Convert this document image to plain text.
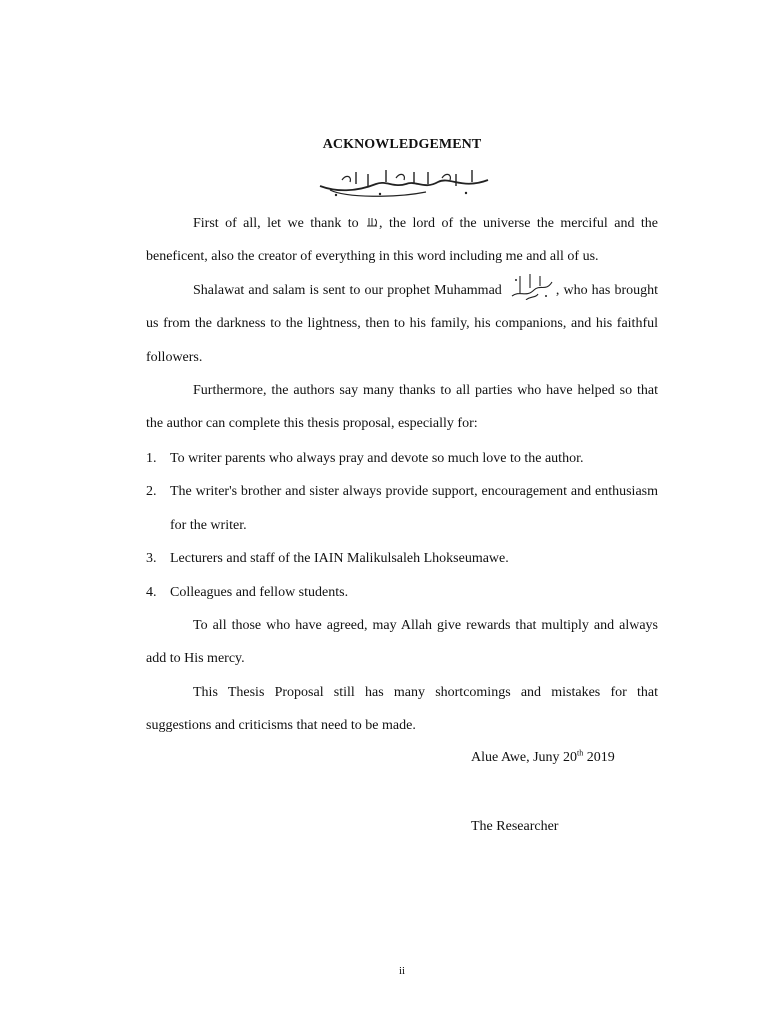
ACKNOWLEDGEMENT
First of all, let we thank to , the lord of the universe the merciful and the beneficent, also the creator of everything in this word including me and all of us.
Shalawat and salam is sent to our prophet Muhammad	, who has brought us from the darkness to the lightness, then to his family, his companions, and his faithful followers.
Furthermore, the authors say many thanks to all parties who have helped so that the author can complete this thesis proposal, especially for:
1. To writer parents who always pray and devote so much love to the author.
2. The writer's brother and sister always provide support, encouragement and enthusiasm for the writer.
3. Lecturers and staff of the IAIN Malikulsaleh Lhokseumawe.
4. Colleagues and fellow students.
To all those who have agreed, may Allah give rewards that multiply and always add to His mercy.
This Thesis Proposal still has many shortcomings and mistakes for that suggestions and criticisms that need to be made.
Alue Awe, Juny 20th 2019
The Researcher
ii
